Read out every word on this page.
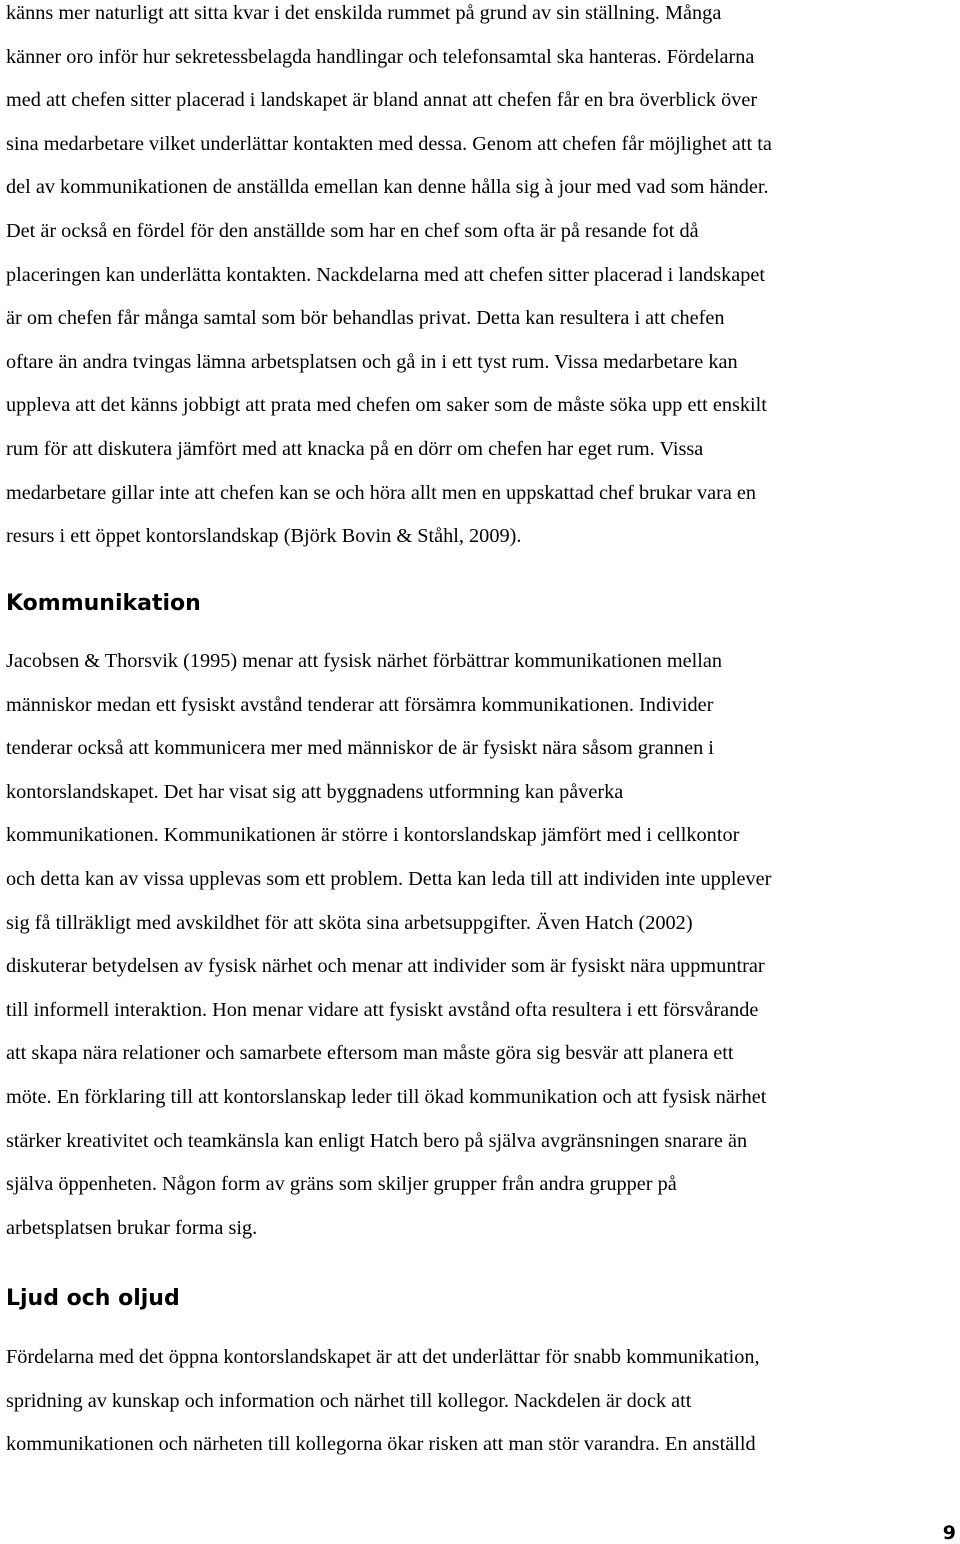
känns mer naturligt att sitta kvar i det enskilda rummet på grund av sin ställning. Många
känner oro inför hur sekretessbelagda handlingar och telefonsamtal ska hanteras. Fördelarna
med att chefen sitter placerad i landskapet är bland annat att chefen får en bra överblick över
sina medarbetare vilket underlättar kontakten med dessa. Genom att chefen får möjlighet att ta
del av kommunikationen de anställda emellan kan denne hålla sig à jour med vad som händer.
Det är också en fördel för den anställde som har en chef som ofta är på resande fot då
placeringen kan underlätta kontakten. Nackdelarna med att chefen sitter placerad i landskapet
är om chefen får många samtal som bör behandlas privat. Detta kan resultera i att chefen
oftare än andra tvingas lämna arbetsplatsen och gå in i ett tyst rum. Vissa medarbetare kan
uppleva att det känns jobbigt att prata med chefen om saker som de måste söka upp ett enskilt
rum för att diskutera jämfört med att knacka på en dörr om chefen har eget rum. Vissa
medarbetare gillar inte att chefen kan se och höra allt men en uppskattad chef brukar vara en
resurs i ett öppet kontorslandskap (Björk Bovin & Ståhl, 2009).
Kommunikation
Jacobsen & Thorsvik (1995) menar att fysisk närhet förbättrar kommunikationen mellan
människor medan ett fysiskt avstånd tenderar att försämra kommunikationen. Individer
tenderar också att kommunicera mer med människor de är fysiskt nära såsom grannen i
kontorslandskapet. Det har visat sig att byggnadens utformning kan påverka
kommunikationen. Kommunikationen är större i kontorslandskap jämfört med i cellkontor
och detta kan av vissa upplevas som ett problem. Detta kan leda till att individen inte upplever
sig få tillräkligt med avskildhet för att sköta sina arbetsuppgifter. Även Hatch (2002)
diskuterar betydelsen av fysisk närhet och menar att individer som är fysiskt nära uppmuntrar
till informell interaktion. Hon menar vidare att fysiskt avstånd ofta resultera i ett försvårande
att skapa nära relationer och samarbete eftersom man måste göra sig besvär att planera ett
möte. En förklaring till att kontorslanskap leder till ökad kommunikation och att fysisk närhet
stärker kreativitet och teamkänsla kan enligt Hatch bero på själva avgränsningen snarare än
själva öppenheten. Någon form av gräns som skiljer grupper från andra grupper på
arbetsplatsen brukar forma sig.
Ljud och oljud
Fördelarna med det öppna kontorslandskapet är att det underlättar för snabb kommunikation,
spridning av kunskap och information och närhet till kollegor. Nackdelen är dock att
kommunikationen och närheten till kollegorna ökar risken att man stör varandra. En anställd
9
